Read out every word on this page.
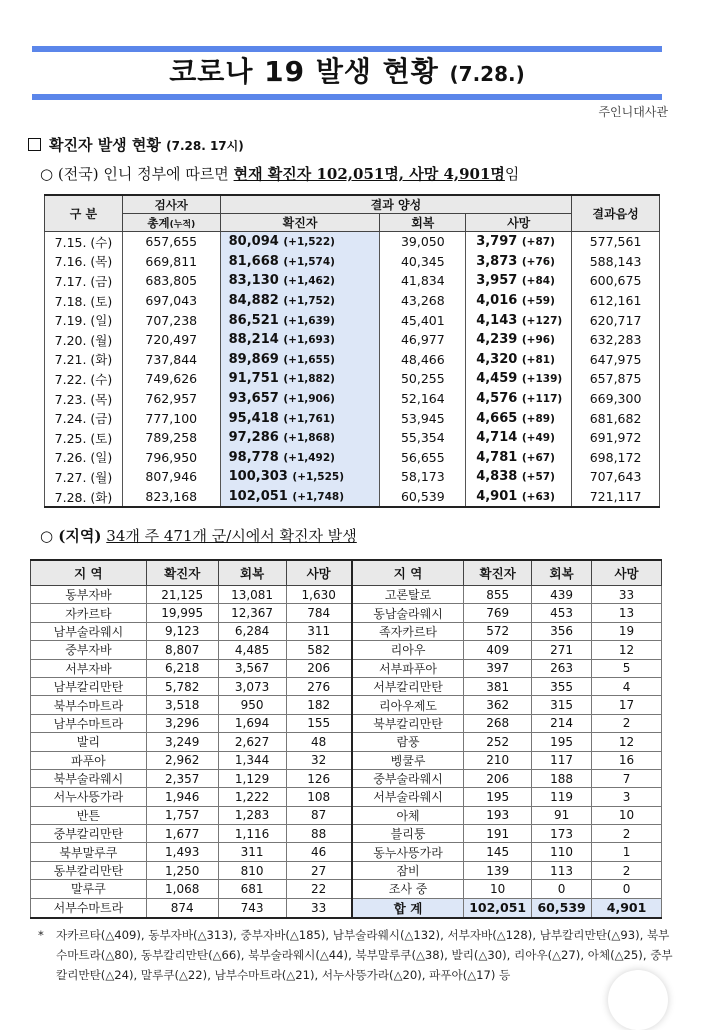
코로나 19 발생 현황 (7.28.)
주인니대사관
확진자 발생 현황 (7.28. 17시)
○ (전국) 인니 정부에 따르면 현재 확진자 102,051명, 사망 4,901명임
구 분	검사자	결과 양성			결과음성
	총계(누적)	확진자	회복	사망	
7.15. (수)	657,655	80,094 (+1,522)	39,050	3,797 (+87)	577,561
7.16. (목)	669,811	81,668 (+1,574)	40,345	3,873 (+76)	588,143
7.17. (금)	683,805	83,130 (+1,462)	41,834	3,957 (+84)	600,675
7.18. (토)	697,043	84,882 (+1,752)	43,268	4,016 (+59)	612,161
7.19. (일)	707,238	86,521 (+1,639)	45,401	4,143 (+127)	620,717
7.20. (월)	720,497	88,214 (+1,693)	46,977	4,239 (+96)	632,283
7.21. (화)	737,844	89,869 (+1,655)	48,466	4,320 (+81)	647,975
7.22. (수)	749,626	91,751 (+1,882)	50,255	4,459 (+139)	657,875
7.23. (목)	762,957	93,657 (+1,906)	52,164	4,576 (+117)	669,300
7.24. (금)	777,100	95,418 (+1,761)	53,945	4,665 (+89)	681,682
7.25. (토)	789,258	97,286 (+1,868)	55,354	4,714 (+49)	691,972
7.26. (일)	796,950	98,778 (+1,492)	56,655	4,781 (+67)	698,172
7.27. (월)	807,946	100,303 (+1,525)	58,173	4,838 (+57)	707,643
7.28. (화)	823,168	102,051 (+1,748)	60,539	4,901 (+63)	721,117
○ (지역) 34개 주 471개 군/시에서 확진자 발생
지 역	확진자	회복	사망	지 역	확진자	회복	사망
동부자바	21,125	13,081	1,630	고론탈로	855	439	33
자카르타	19,995	12,367	784	동남술라웨시	769	453	13
남부술라웨시	9,123	6,284	311	족자카르타	572	356	19
중부자바	8,807	4,485	582	리아우	409	271	12
서부자바	6,218	3,567	206	서부파푸아	397	263	5
남부칼리만탄	5,782	3,073	276	서부칼리만탄	381	355	4
북부수마트라	3,518	950	182	리아우제도	362	315	17
남부수마트라	3,296	1,694	155	북부칼리만탄	268	214	2
발리	3,249	2,627	48	람풍	252	195	12
파푸아	2,962	1,344	32	벵쿨루	210	117	16
북부술라웨시	2,357	1,129	126	중부술라웨시	206	188	7
서누사뜽가라	1,946	1,222	108	서부술라웨시	195	119	3
반튼	1,757	1,283	87	아체	193	91	10
중부칼리만탄	1,677	1,116	88	블리퉁	191	173	2
북부말루쿠	1,493	311	46	동누사뜽가라	145	110	1
동부칼리만탄	1,250	810	27	잠비	139	113	2
말루쿠	1,068	681	22	조사 중	10	0	0
서부수마트라	874	743	33	합 계	102,051	60,539	4,901
* 자카르타(△409), 동부자바(△313), 중부자바(△185), 남부술라웨시(△132), 서부자바(△128), 남부칼리만탄(△93), 북부수마트라(△80), 동부칼리만탄(△66), 북부술라웨시(△44), 북부말루쿠(△38), 발리(△30), 리아우(△27), 아체(△25), 중부칼리만탄(△24), 말루쿠(△22), 남부수마트라(△21), 서누사뜽가라(△20), 파푸아(△17) 등
